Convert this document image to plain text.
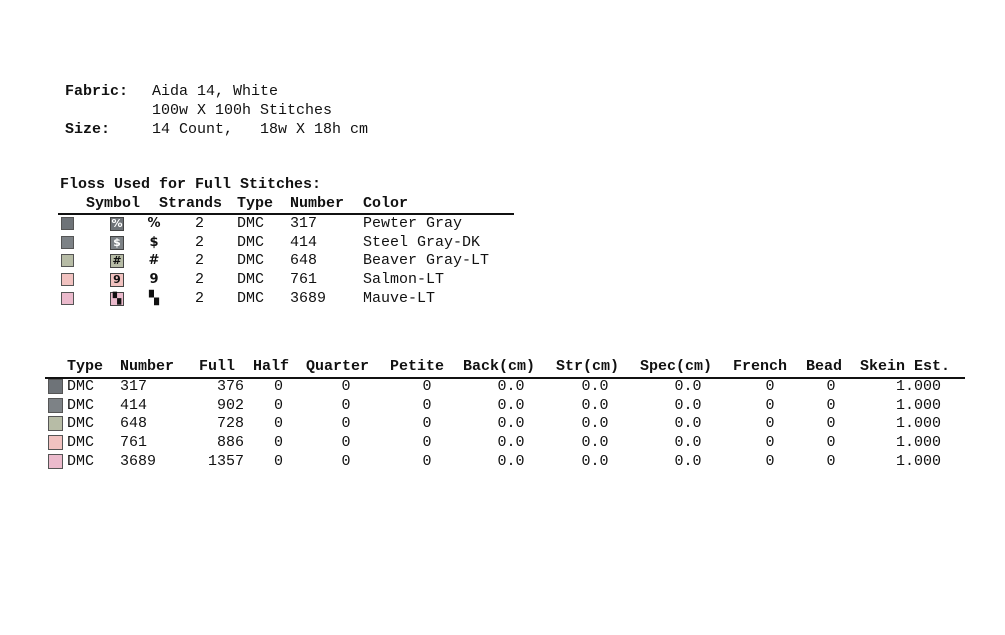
Fabric: Aida 14, White
100w X 100h Stitches
Size:	14 Count,   18w X 18h cm
Floss Used for Full Stitches:
Symbol Strands Type Number Color
% % 2 DMC 317	Pewter Gray
$ $ 2 DMC 414	Steel Gray-DK
# # 2 DMC 648	Beaver Gray-LT
9 9 2 DMC 761	Salmon-LT
▚ ▚ 2 DMC 3689 Mauve-LT
Type Number Full Half Quarter Petite Back(cm) Str(cm) Spec(cm) French Bead Skein Est.
DMC	317	376 0	0	0	0.0	0.0	0.0	0	0	1.000
DMC	414	902 0	0	0	0.0	0.0	0.0	0	0	1.000
DMC	648	728 0	0	0	0.0	0.0	0.0	0	0	1.000
DMC	761	886 0	0	0	0.0	0.0	0.0	0	0	1.000
DMC	3689	1357 0	0	0	0.0	0.0	0.0	0	0	1.000
